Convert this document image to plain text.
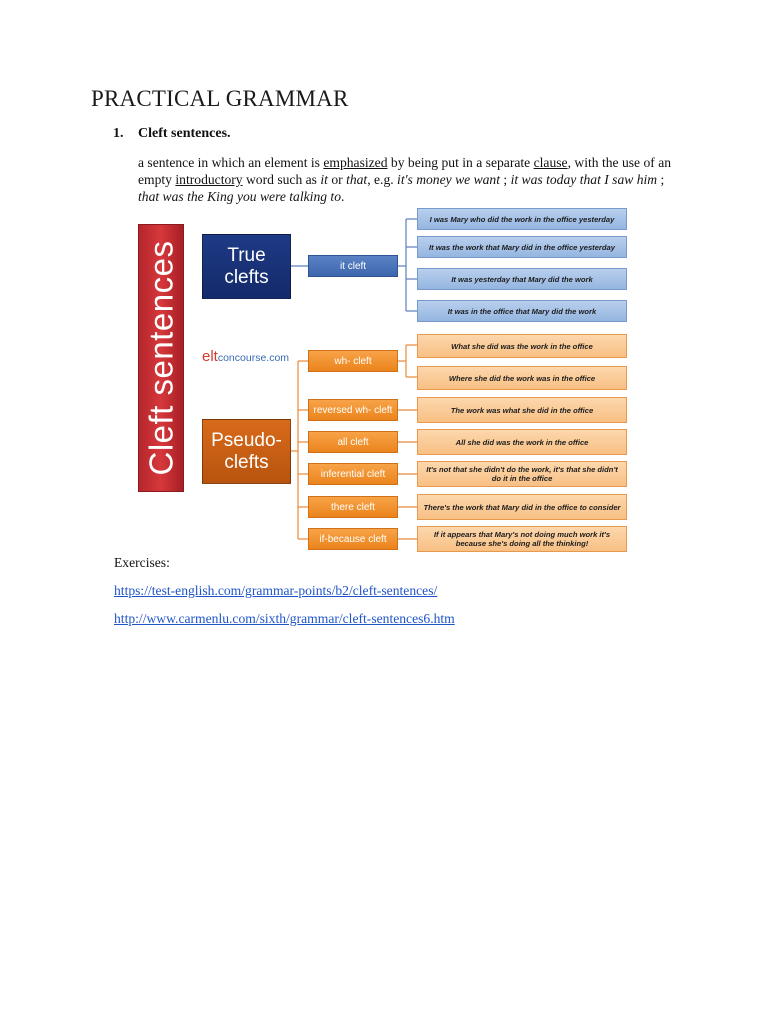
PRACTICAL GRAMMAR
1. Cleft sentences.
a sentence in which an element is emphasized by being put in a separate clause, with the use of an empty introductory word such as it or that, e.g. it's money we want ; it was today that I saw him ; that was the King you were talking to.
Cleft sentences	True clefts
eltconcourse.com
Pseudo-clefts
it cleft
I was Mary who did the work in the office yesterday
It was the work that Mary did in the office yesterday
It was yesterday that Mary did the work
It was in the office that Mary did the work
wh- cleft
What she did was the work in the office
Where she did the work was in the office
reversed wh- cleft	The work was what she did in the office
all cleft	All she did was the work in the office
inferential cleft	It's not that she didn't do the work, it's that she didn't do it in the office
there cleft	There's the work that Mary did in the office to consider
if-because cleft	If it appears that Mary's not doing much work it's because she's doing all the thinking!
Exercises:
https://test-english.com/grammar-points/b2/cleft-sentences/
http://www.carmenlu.com/sixth/grammar/cleft-sentences6.htm
